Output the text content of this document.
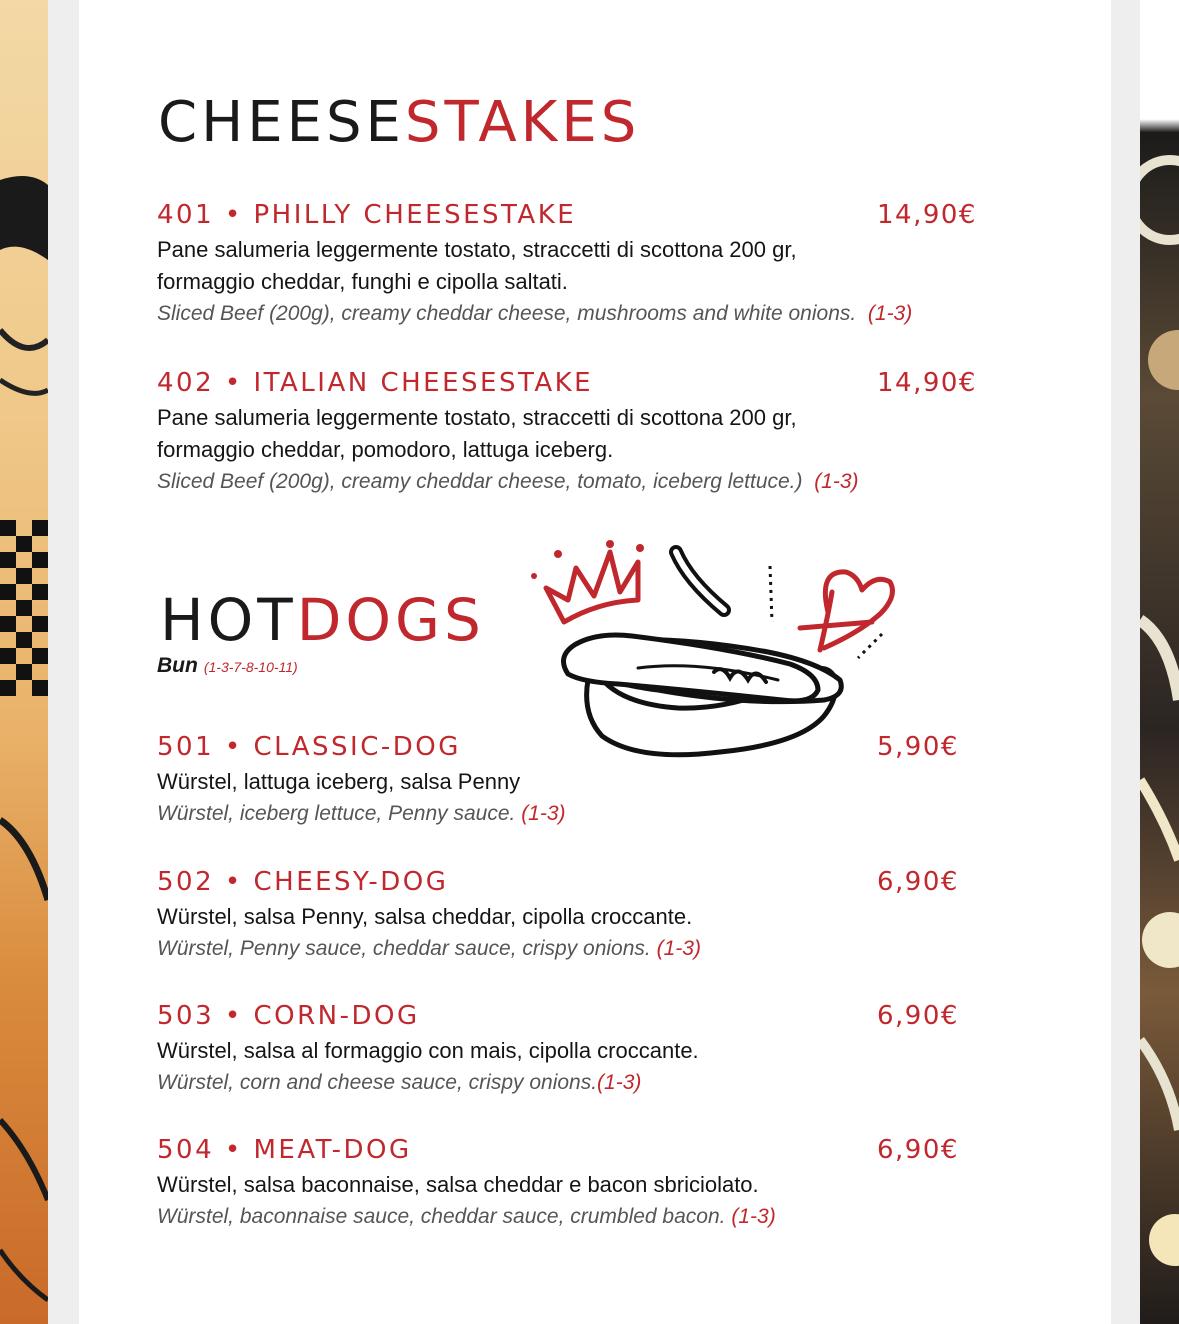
CHEESESTAKES
401 • PHILLY CHEESESTAKE	14,90€
Pane salumeria leggermente tostato, straccetti di scottona 200 gr,
formaggio cheddar, funghi e cipolla saltati.
Sliced Beef (200g), creamy cheddar cheese, mushrooms and white onions. (1-3)
402 • ITALIAN CHEESESTAKE	14,90€
Pane salumeria leggermente tostato, straccetti di scottona 200 gr,
formaggio cheddar, pomodoro, lattuga iceberg.
Sliced Beef (200g), creamy cheddar cheese, tomato, iceberg lettuce.) (1-3)
HOTDOGS
Bun (1-3-7-8-10-11)
501 • CLASSIC-DOG	5,90€
Würstel, lattuga iceberg, salsa Penny
Würstel, iceberg lettuce, Penny sauce. (1-3)
502 • CHEESY-DOG	6,90€
Würstel, salsa Penny, salsa cheddar, cipolla croccante.
Würstel, Penny sauce, cheddar sauce, crispy onions. (1-3)
503 • CORN-DOG	6,90€
Würstel, salsa al formaggio con mais, cipolla croccante.
Würstel, corn and cheese sauce, crispy onions.(1-3)
504 • MEAT-DOG	6,90€
Würstel, salsa baconnaise, salsa cheddar e bacon sbriciolato.
Würstel, baconnaise sauce, cheddar sauce, crumbled bacon. (1-3)
